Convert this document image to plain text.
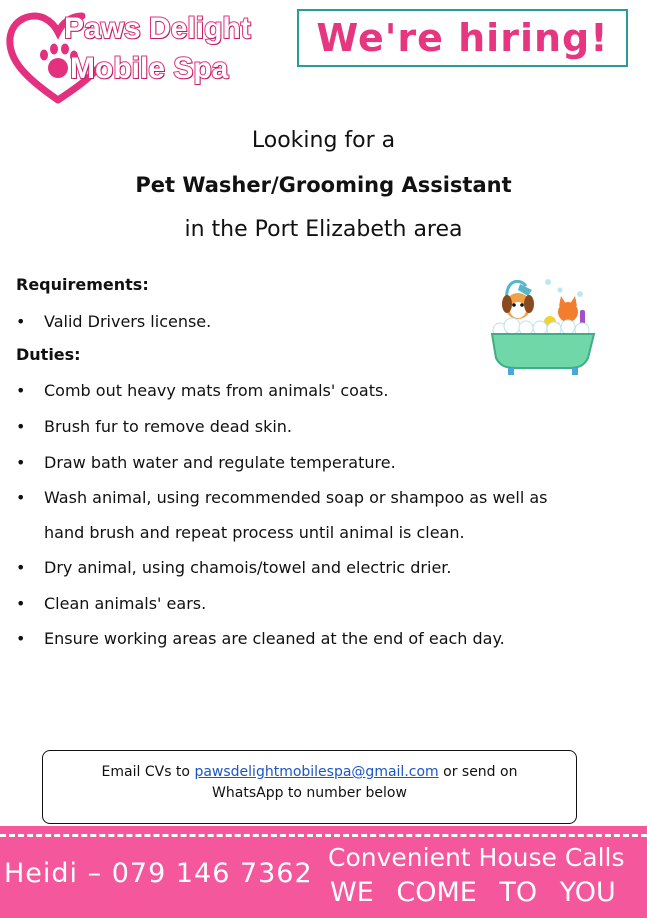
Paws Delight
Mobile Spa
We're hiring!
Looking for a
Pet Washer/Grooming Assistant
in the Port Elizabeth area
Requirements:
• Valid Drivers license.
Duties:
• Comb out heavy mats from animals' coats.
• Brush fur to remove dead skin.
• Draw bath water and regulate temperature.
• Wash animal, using recommended soap or shampoo as well as
hand brush and repeat process until animal is clean.
• Dry animal, using chamois/towel and electric drier.
• Clean animals' ears.
• Ensure working areas are cleaned at the end of each day.
Email CVs to pawsdelightmobilespa@gmail.com or send on
WhatsApp to number below
Heidi – 079 146 7362
Convenient House Calls
WE COME TO YOU
